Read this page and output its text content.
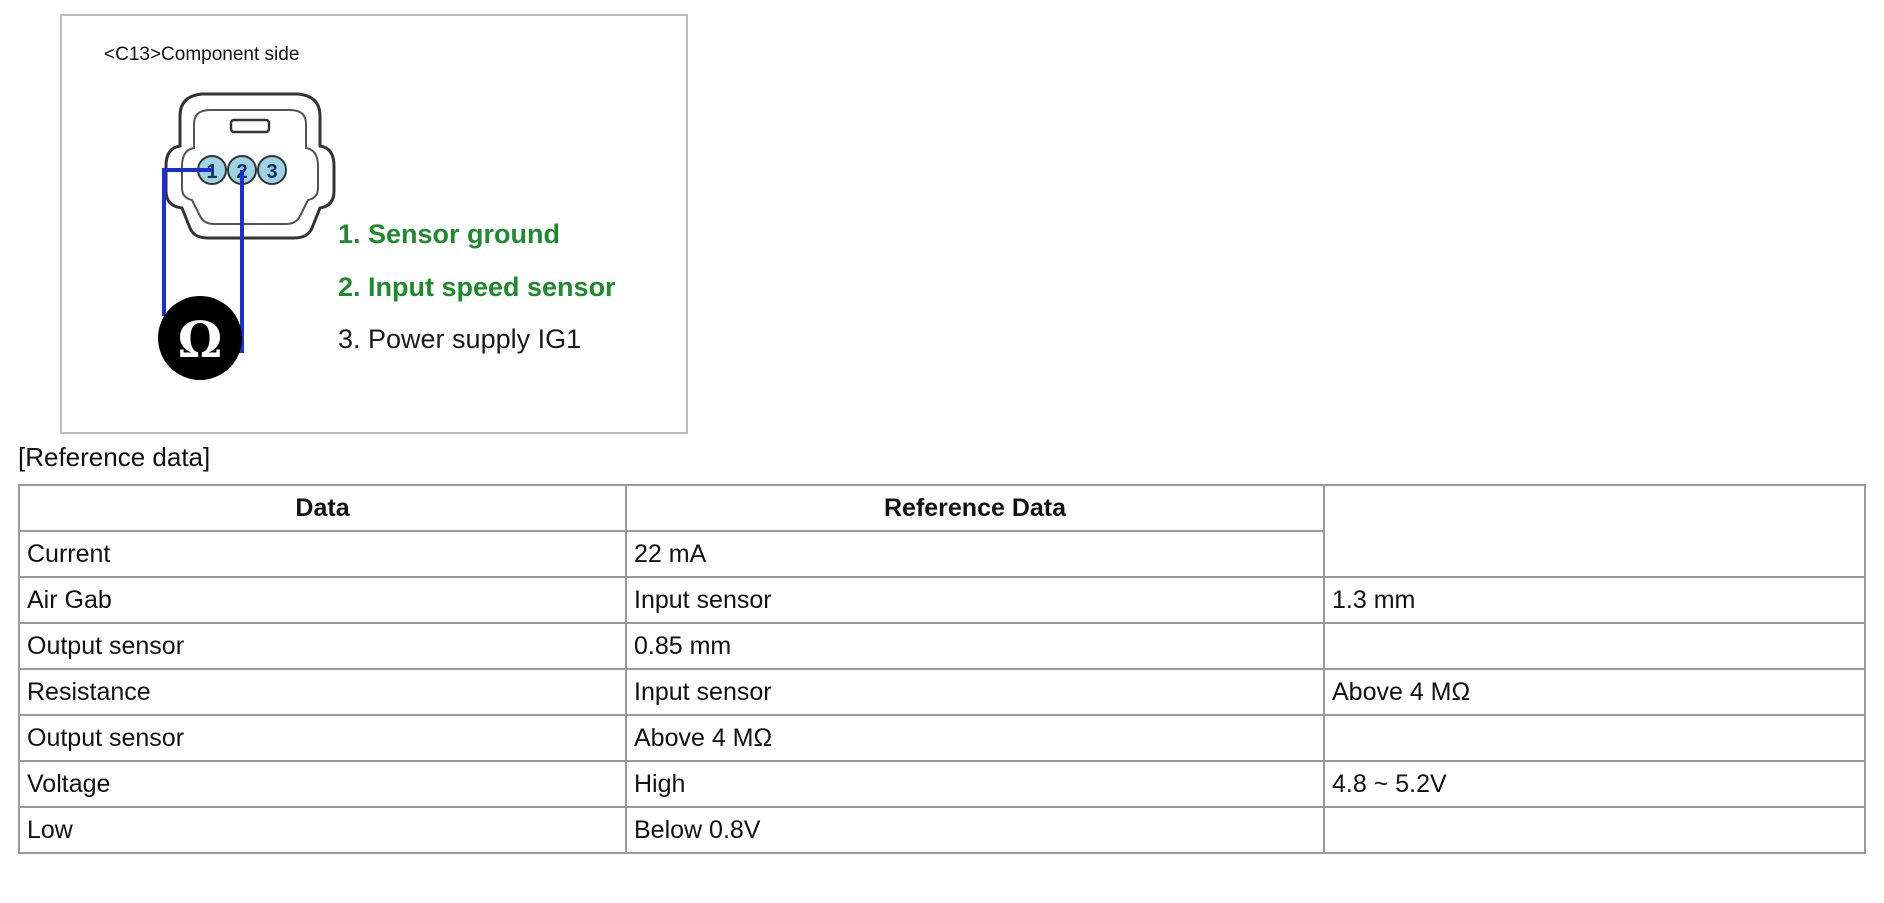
<C13>Component side
1 2 3
Ω
1. Sensor ground
2. Input speed sensor
3. Power supply IG1
[Reference data]
Data	Reference Data	
Current	22 mA	
Air Gab	Input sensor	1.3 mm
Output sensor	0.85 mm	
Resistance	Input sensor	Above 4 MΩ
Output sensor	Above 4 MΩ	
Voltage	High	4.8 ~ 5.2V
Low	Below 0.8V	
